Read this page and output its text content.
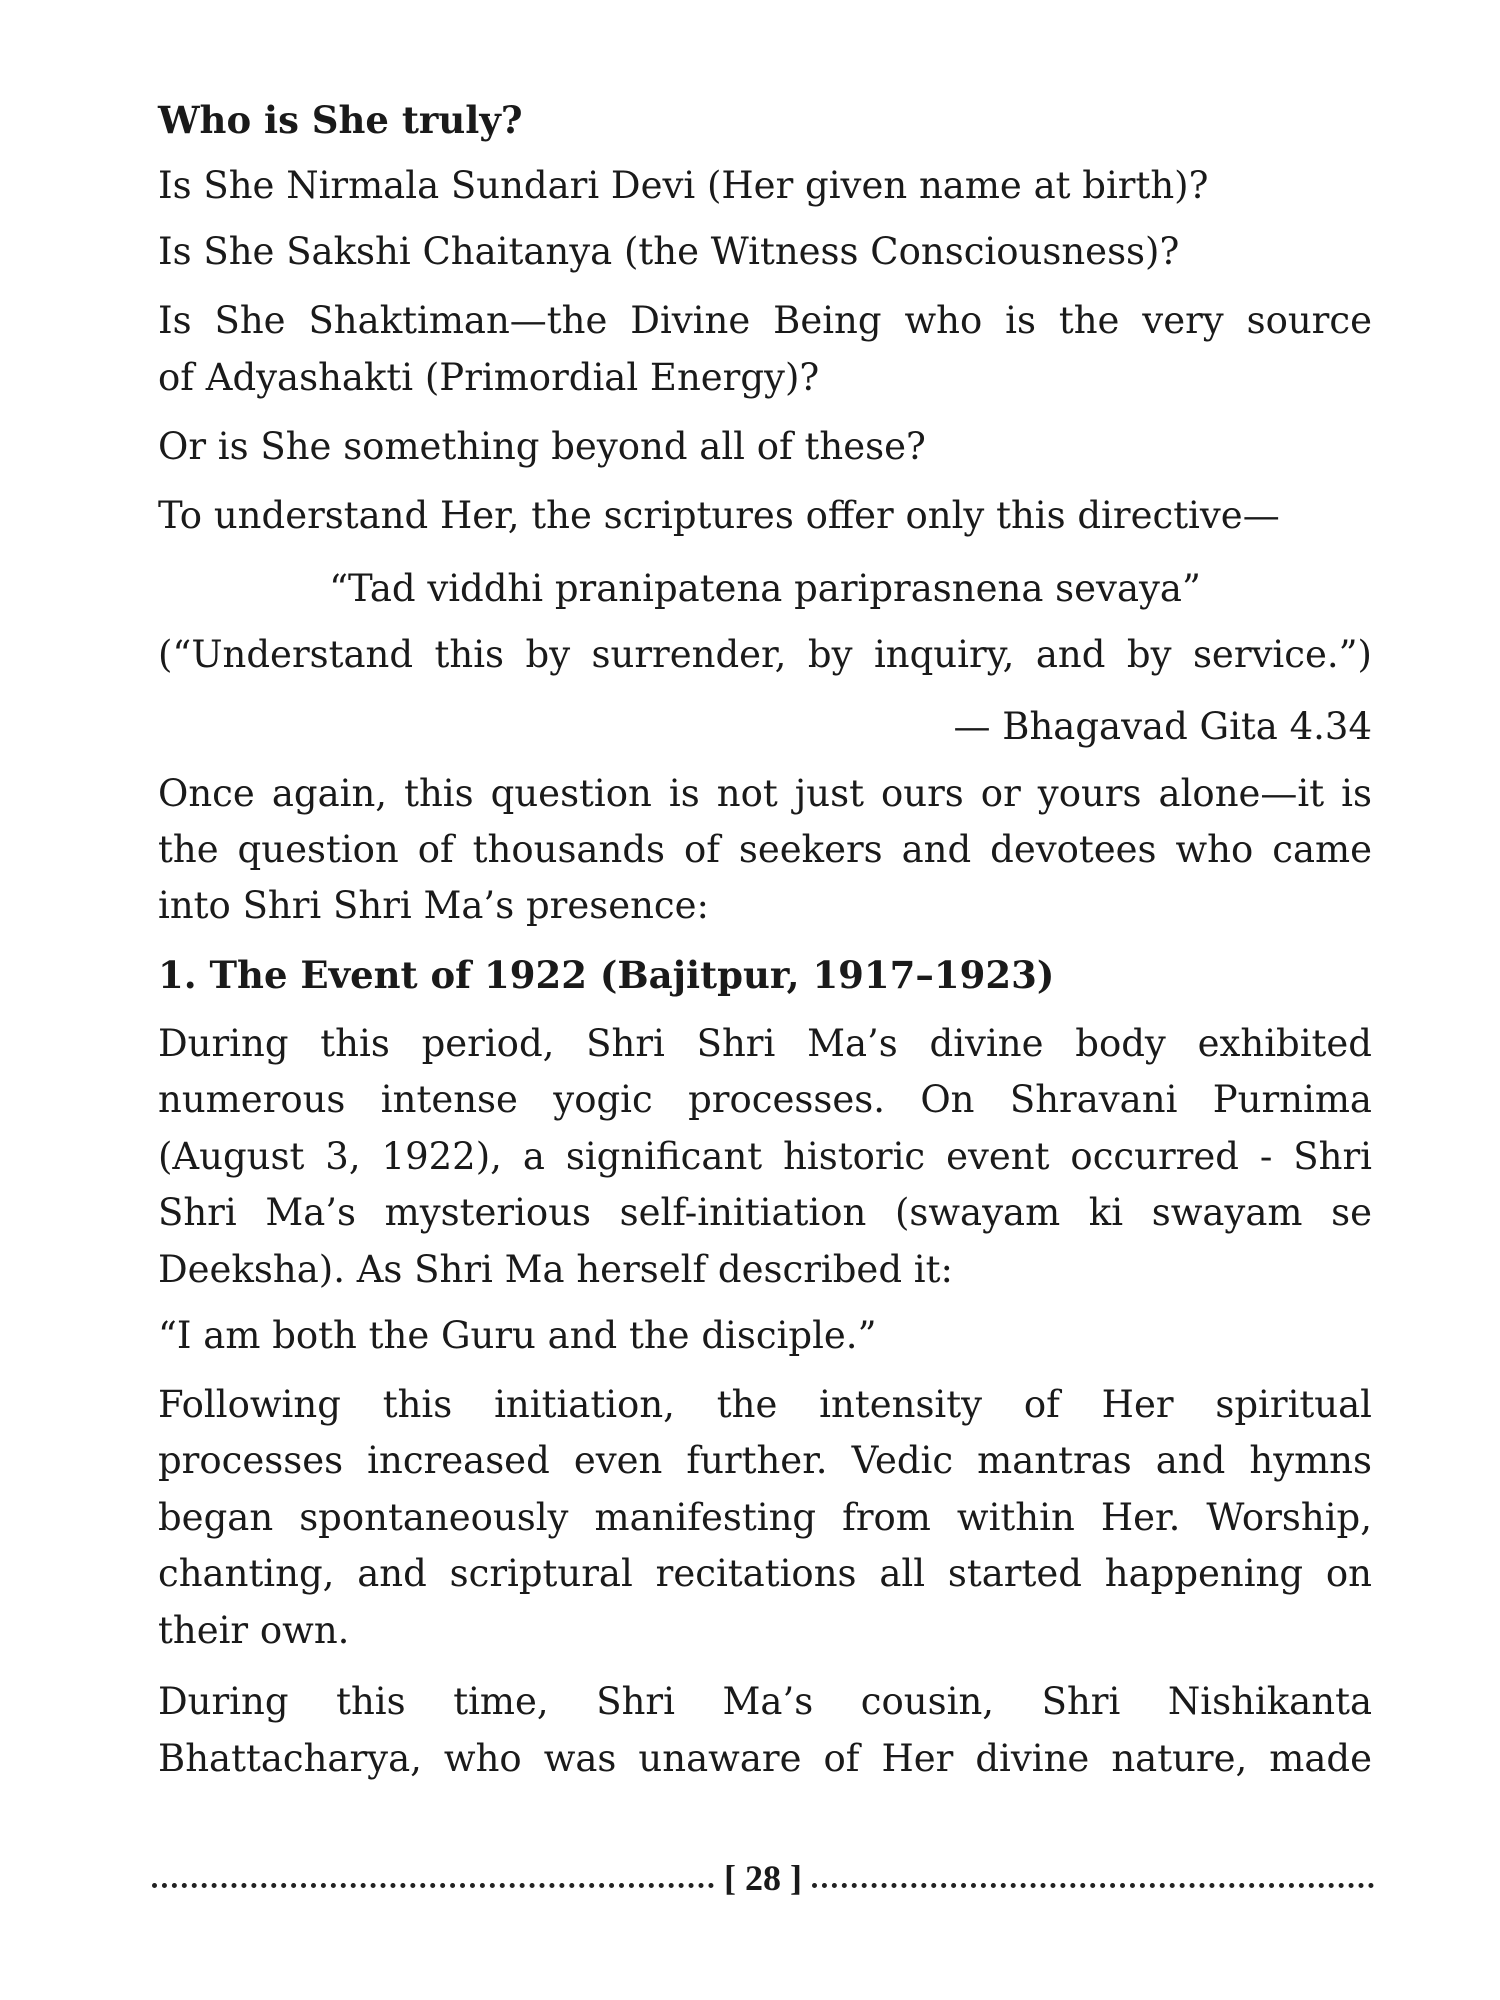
Who is She truly?
Is She Nirmala Sundari Devi (Her given name at birth)?
Is She Sakshi Chaitanya (the Witness Consciousness)?
Is She Shaktiman—the Divine Being who is the very source
of Adyashakti (Primordial Energy)?
Or is She something beyond all of these?
To understand Her, the scriptures offer only this directive—
“Tad viddhi pranipatena pariprasnena sevaya”
(“Understand this by surrender, by inquiry, and by service.”)
— Bhagavad Gita 4.34
Once again, this question is not just ours or yours alone—it is
the question of thousands of seekers and devotees who came
into Shri Shri Ma’s presence:
1. The Event of 1922 (Bajitpur, 1917–1923)
During this period, Shri Shri Ma’s divine body exhibited
numerous intense yogic processes. On Shravani Purnima
(August 3, 1922), a significant historic event occurred - Shri
Shri Ma’s mysterious self-initiation (swayam ki swayam se
Deeksha). As Shri Ma herself described it:
“I am both the Guru and the disciple.”
Following this initiation, the intensity of Her spiritual
processes increased even further. Vedic mantras and hymns
began spontaneously manifesting from within Her. Worship,
chanting, and scriptural recitations all started happening on
their own.
During this time, Shri Ma’s cousin, Shri Nishikanta
Bhattacharya, who was unaware of Her divine nature, made
[ 28 ]
